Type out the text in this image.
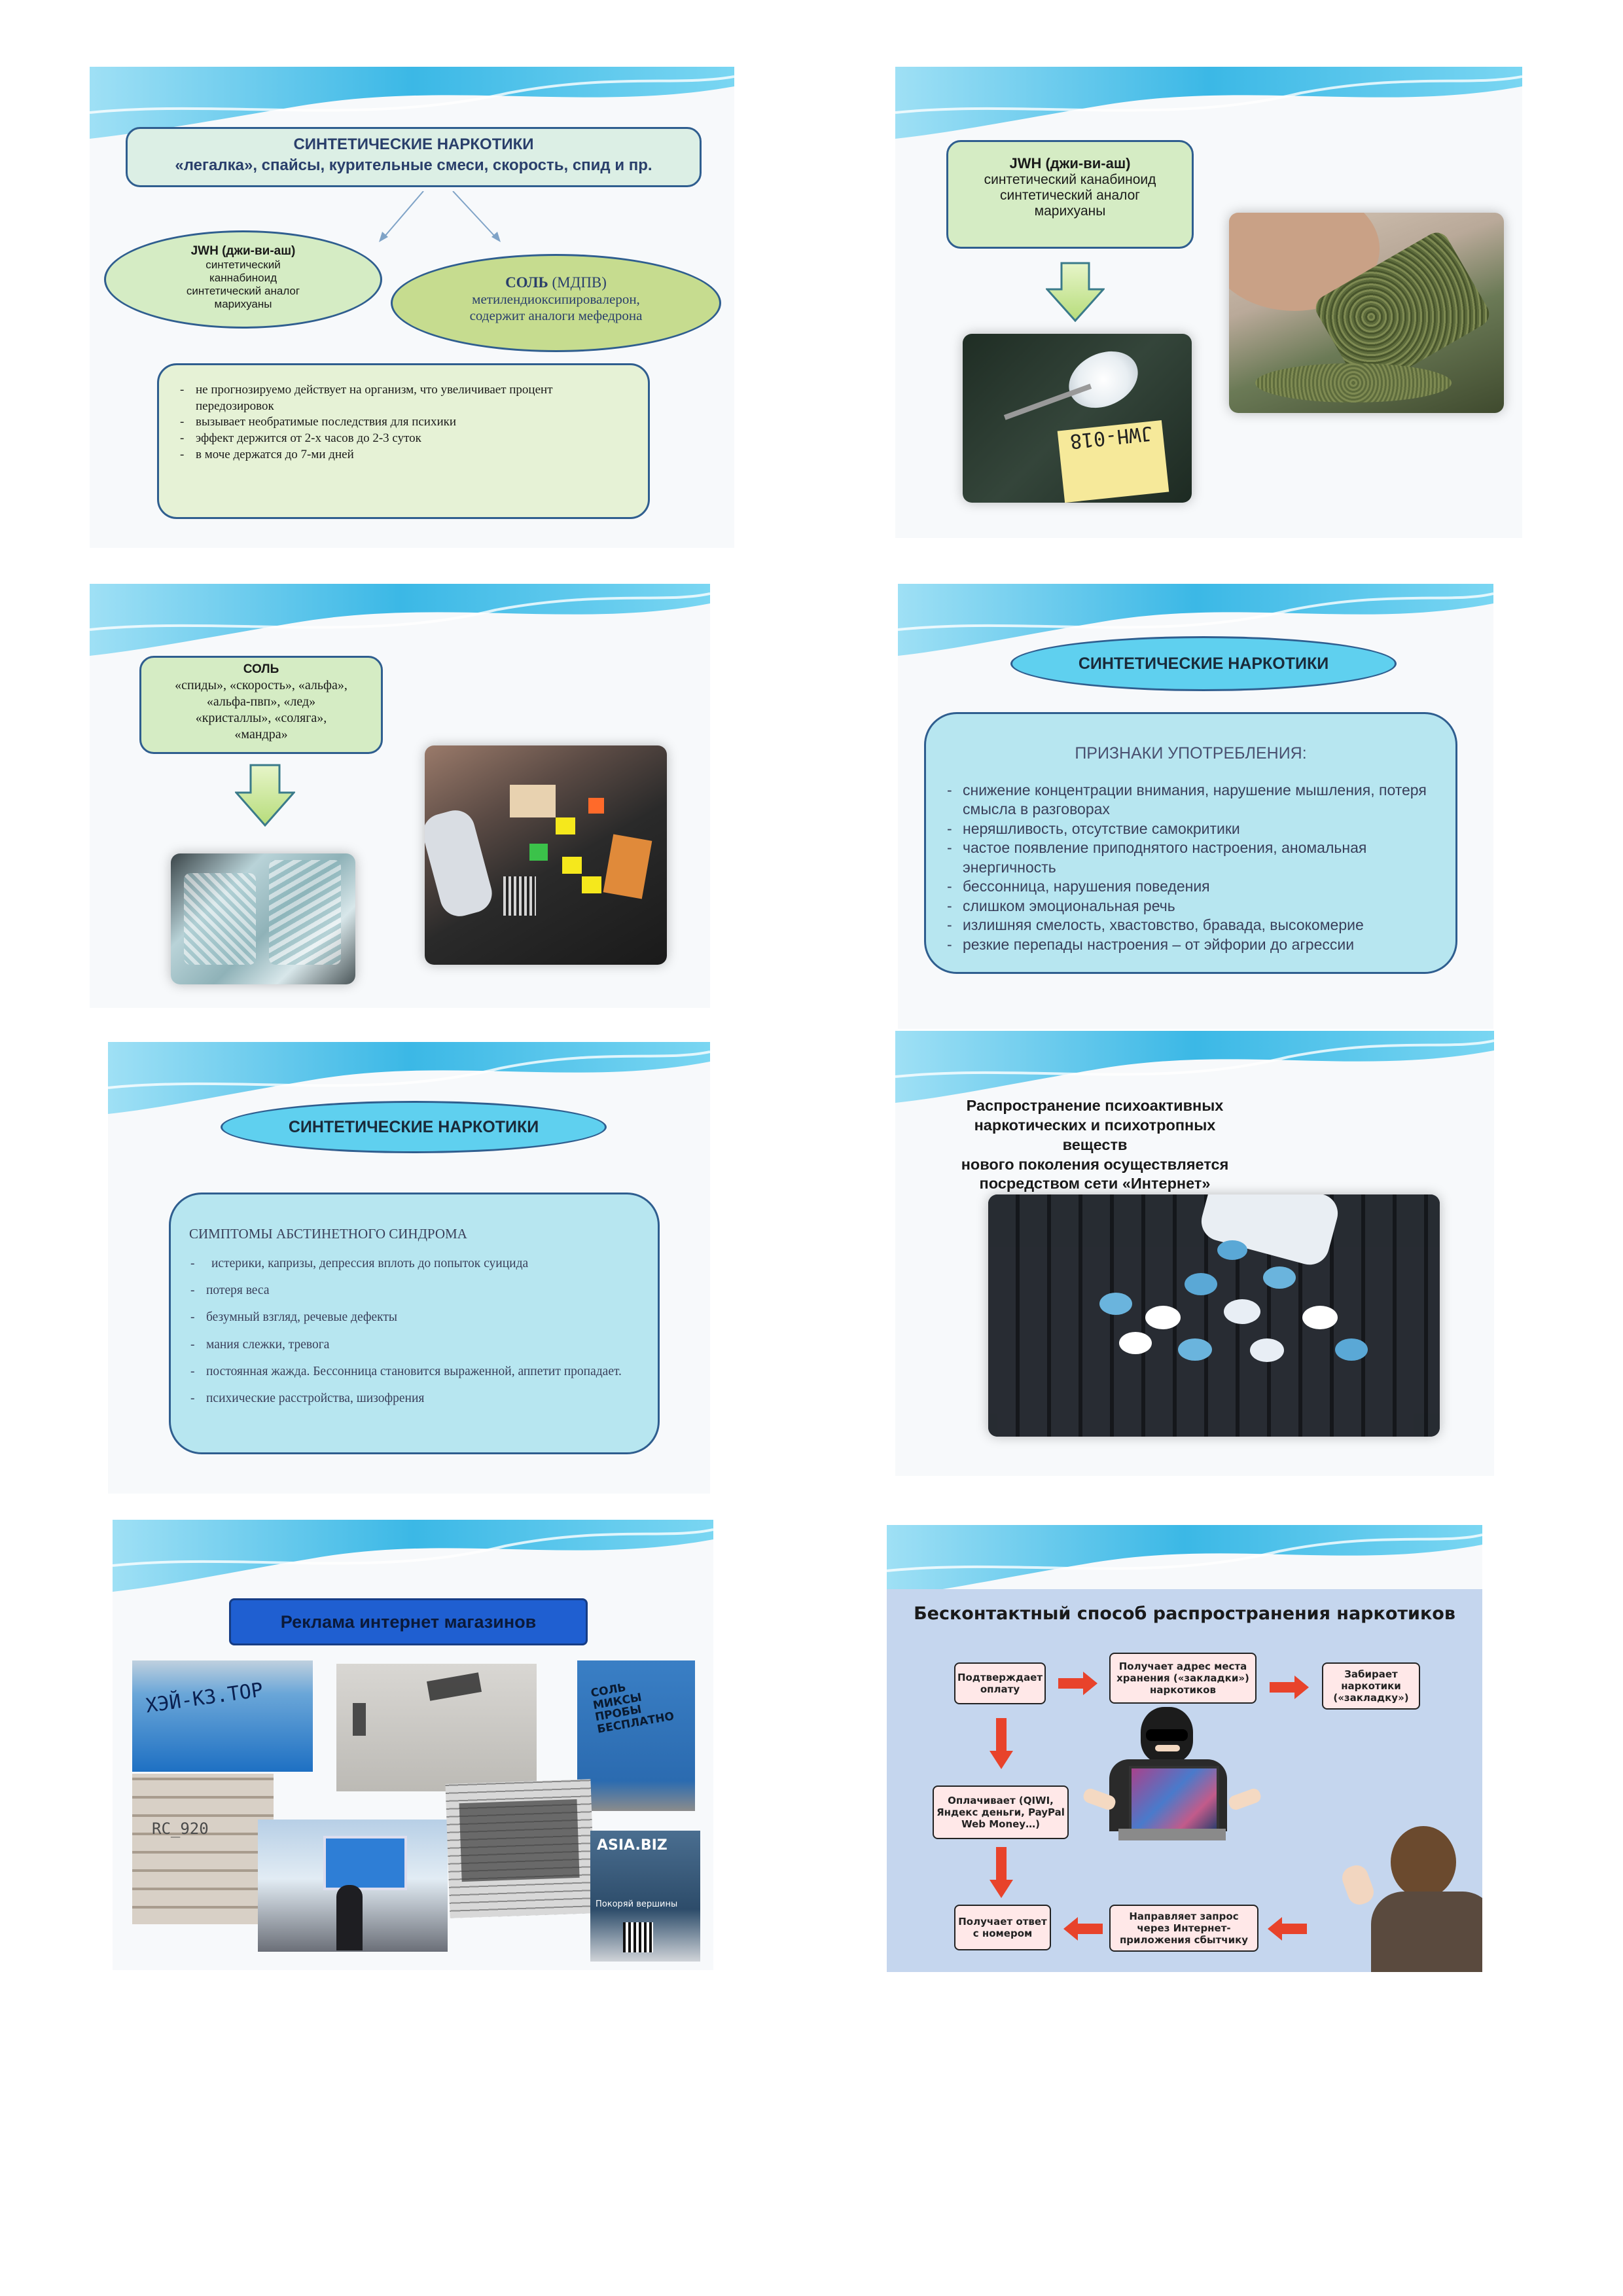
СИНТЕТИЧЕСКИЕ НАРКОТИКИ
«легалка», спайсы, курительные смеси, скорость, спид и пр.
JWH (джи-ви-аш)
синтетический
каннабиноид
синтетический аналог
марихуаны
СОЛЬ (МДПВ)
метилендиоксипировалерон,
содержит аналоги мефедрона
- не прогнозируемо действует на организм, что увеличивает процент передозировок
- вызывает необратимые последствия для психики
- эффект держится от 2-х часов до 2-3 суток
- в моче держатся до 7-ми дней
JWH (джи-ви-аш)
синтетический канабиноид
синтетический аналог
марихуаны
JWH-018
СОЛЬ
«спиды», «скорость», «альфа»,
«альфа-пвп», «лед»
«кристаллы», «соляга»,
«мандра»
СИНТЕТИЧЕСКИЕ НАРКОТИКИ
ПРИЗНАКИ УПОТРЕБЛЕНИЯ:
- снижение концентрации внимания, нарушение мышления, потеря смысла в разговорах
- неряшливость, отсутствие самокритики
- частое появление приподнятого настроения, аномальная энергичность
- бессонница, нарушения поведения
- слишком эмоциональная речь
- излишняя смелость, хвастовство, бравада, высокомерие
- резкие перепады настроения – от эйфории до агрессии
СИНТЕТИЧЕСКИЕ НАРКОТИКИ
СИМПТОМЫ АБСТИНЕТНОГО СИНДРОМА
- истерики, капризы, депрессия вплоть до попыток суицида
- потеря веса
- безумный взгляд, речевые дефекты
- мания слежки, тревога
- постоянная жажда. Бессонница становится выраженной, аппетит пропадает.
- психические расстройства, шизофрения
Распространение психоактивных
наркотических и психотропных веществ
нового поколения осуществляется
посредством сети «Интернет»
Реклама интернет магазинов
ХЭЙ-КЗ.ТОР	СОЛЬ МИКСЫ ПРОБЫ БЕСПЛАТНО
RC_920
ASIA.BIZ
Покоряй вершины
Бесконтактный способ распространения наркотиков
Подтверждает оплату
Получает адрес места хранения («закладки») наркотиков
Забирает наркотики («закладку»)
Оплачивает (QIWI, Яндекс деньги, PayPal Web Money…)
Получает ответ с номером
Направляет запрос через Интернет-приложения сбытчику
